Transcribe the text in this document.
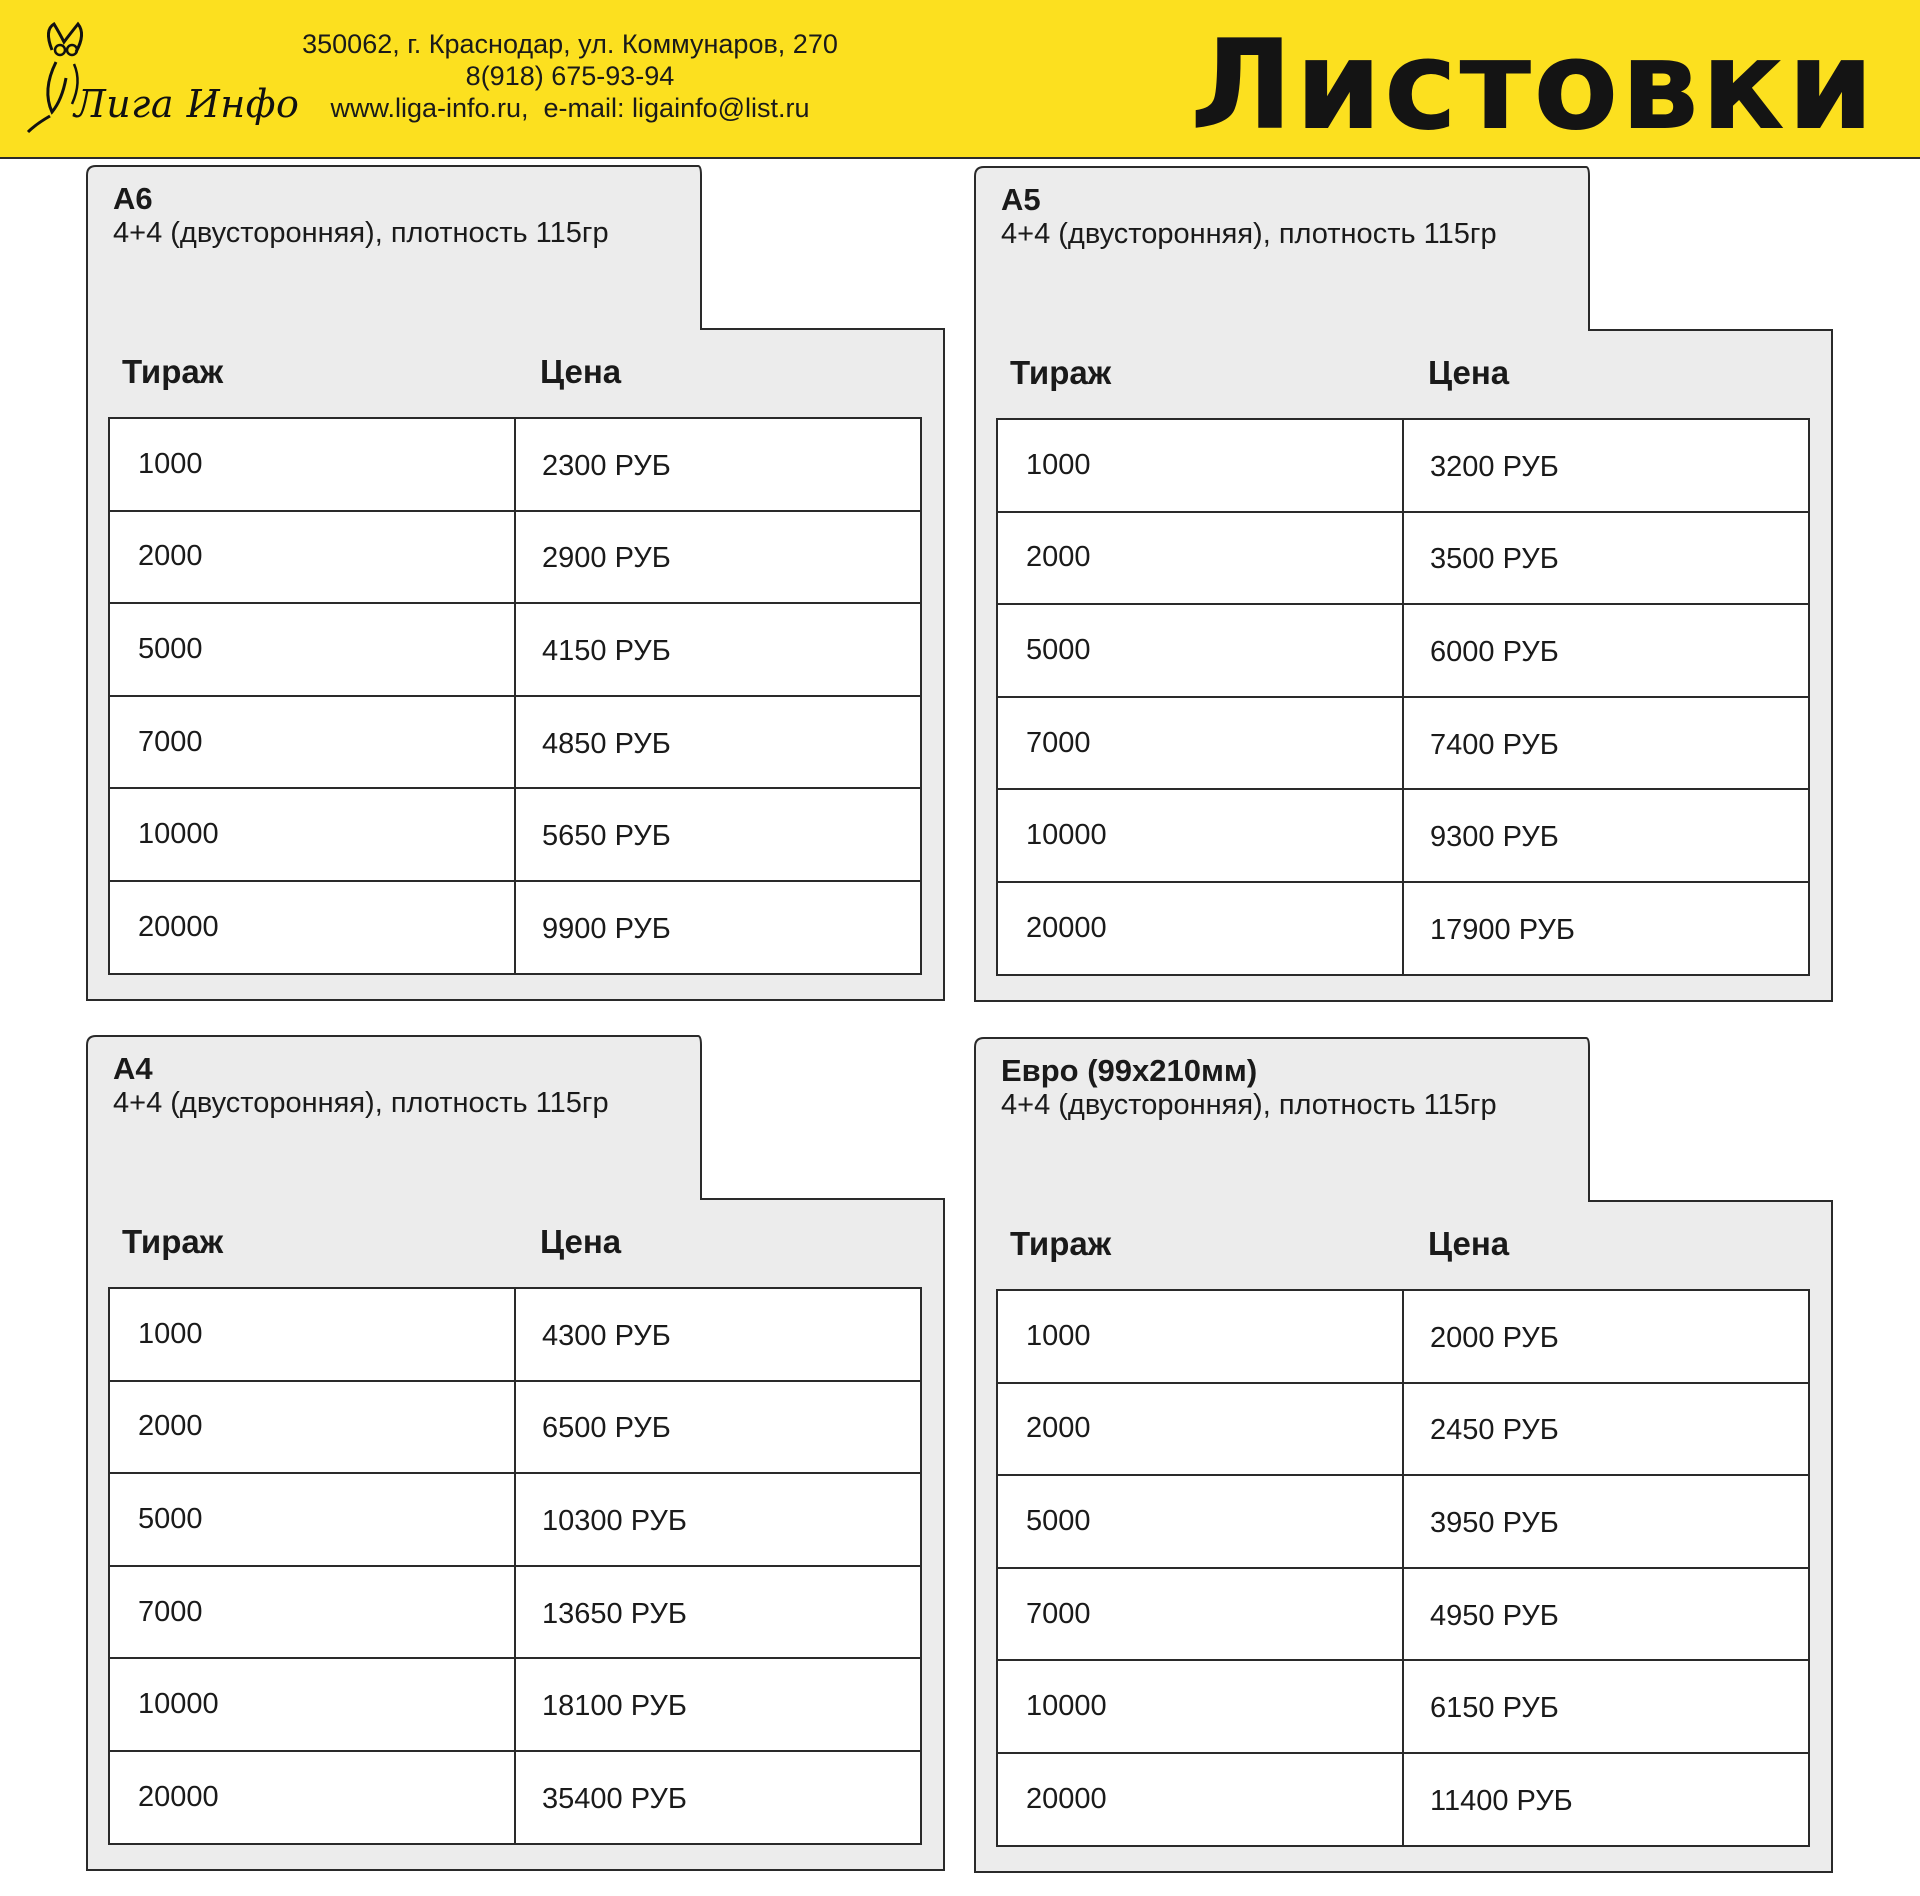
Лига Инфо
350062, г. Краснодар, ул. Коммунаров, 270
8(918) 675-93-94
www.liga-info.ru,  e-mail: ligainfo@list.ru	Листовки
А6
4+4 (двусторонняя), плотность 115гр
Тираж	Цена
1000	2300 РУБ
2000	2900 РУБ
5000	4150 РУБ
7000	4850 РУБ
10000	5650 РУБ
20000	9900 РУБ
А5
4+4 (двусторонняя), плотность 115гр
Тираж	Цена
1000	3200 РУБ
2000	3500 РУБ
5000	6000 РУБ
7000	7400 РУБ
10000	9300 РУБ
20000	17900 РУБ
А4
4+4 (двусторонняя), плотность 115гр
Тираж	Цена
1000	4300 РУБ
2000	6500 РУБ
5000	10300 РУБ
7000	13650 РУБ
10000	18100 РУБ
20000	35400 РУБ
Евро (99х210мм)
4+4 (двусторонняя), плотность 115гр
Тираж	Цена
1000	2000 РУБ
2000	2450 РУБ
5000	3950 РУБ
7000	4950 РУБ
10000	6150 РУБ
20000	11400 РУБ
